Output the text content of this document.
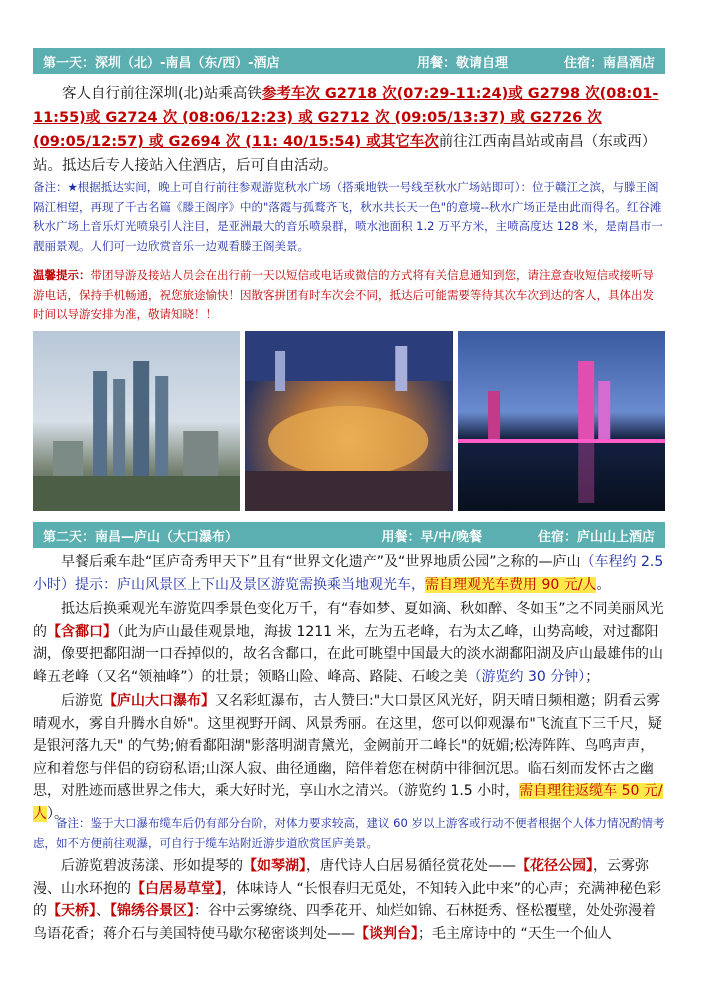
第一天：深圳（北）-南昌（东/西）-酒店	用餐：敬请自理	住宿：南昌酒店

客人自行前往深圳(北)站乘高铁参考车次 G2718 次(07:29-11:24)或 G2798 次(08:01-11:55)或 G2724 次 (08:06/12:23) 或 G2712 次 (09:05/13:37) 或 G2726 次 (09:05/12:57) 或 G2694 次 (11: 40/15:54) 或其它车次前往江西南昌站或南昌（东或西）站。抵达后专人接站入住酒店，后可自由活动。

备注：★根据抵达实间，晚上可自行前往参观游览秋水广场（搭乘地铁一号线至秋水广场站即可）：位于赣江之滨，与滕王阁隔江相望，再现了千古名篇《滕王阁序》中的"落霞与孤鹜齐飞，秋水共长天一色"的意境--秋水广场正是由此而得名。红谷滩秋水广场上音乐灯光喷泉引人注目，是亚洲最大的音乐喷泉群，喷水池面积 1.2 万平方米，主喷高度达 128 米，是南昌市一靓丽景观。人们可一边欣赏音乐一边观看滕王阁美景。

温馨提示：带团导游及接站人员会在出行前一天以短信或电话或微信的方式将有关信息通知到您，请注意查收短信或接听导游电话，保持手机畅通，祝您旅途愉快！因散客拼团有时车次会不同，抵达后可能需要等待其次车次到达的客人，具体出发时间以导游安排为准，敬请知晓！！

第二天：南昌—庐山（大口瀑布）	用餐：早/中/晚餐	住宿：庐山山上酒店

早餐后乘车赴“匡庐奇秀甲天下”且有“世界文化遗产”及“世界地质公园”之称的—庐山（车程约 2.5 小时）提示：庐山风景区上下山及景区游览需换乘当地观光车，需自理观光车费用 90 元/人。

抵达后换乘观光车游览四季景色变化万千，有“春如梦、夏如滴、秋如醉、冬如玉”之不同美丽风光的【含鄱口】（此为庐山最佳观景地，海拔 1211 米，左为五老峰，右为太乙峰，山势高峻，对过鄱阳湖，像要把鄱阳湖一口吞掉似的，故名含鄱口，在此可眺望中国最大的淡水湖鄱阳湖及庐山最雄伟的山峰五老峰（又名“领袖峰”）的壮景；领略山险、峰高、路陡、石峻之美（游览约 30 分钟）；

后游览【庐山大口瀑布】又名彩虹瀑布，古人赞曰:"大口景区风光好，阴天晴日频相邀；阴看云雾晴观水，雾自升腾水自娇"。这里视野开阔、风景秀丽。在这里，您可以仰观瀑布"飞流直下三千尺，疑是银河落九天" 的气势;俯看鄱阳湖"影落明湖青黛光，金阙前开二峰长"的妩媚;松涛阵阵、鸟鸣声声，应和着您与伴侣的窃窃私语;山深人寂、曲径通幽，陪伴着您在树荫中徘徊沉思。临石刻而发怀古之幽思，对胜迹而感世界之伟大，乘大好时光，享山水之清兴。（游览约 1.5 小时，需自理往返缆车 50 元/人）。

备注：鉴于大口瀑布缆车后仍有部分台阶，对体力要求较高，建议 60 岁以上游客或行动不便者根据个人体力情况酌情考虑，如不方便前往观瀑，可自行于缆车站附近游步道欣赏匡庐美景。

后游览碧波荡漾、形如提琴的【如琴湖】，唐代诗人白居易循径赏花处——【花径公园】，云雾弥漫、山水环抱的【白居易草堂】，体味诗人 “长恨春归无觅处，不知转入此中来”的心声；充满神秘色彩的【天桥】、【锦绣谷景区】：谷中云雾缭绕、四季花开、灿烂如锦、石林挺秀、怪松覆壁，处处弥漫着鸟语花香；蒋介石与美国特使马歇尔秘密谈判处——【谈判台】；毛主席诗中的 “天生一个仙人
